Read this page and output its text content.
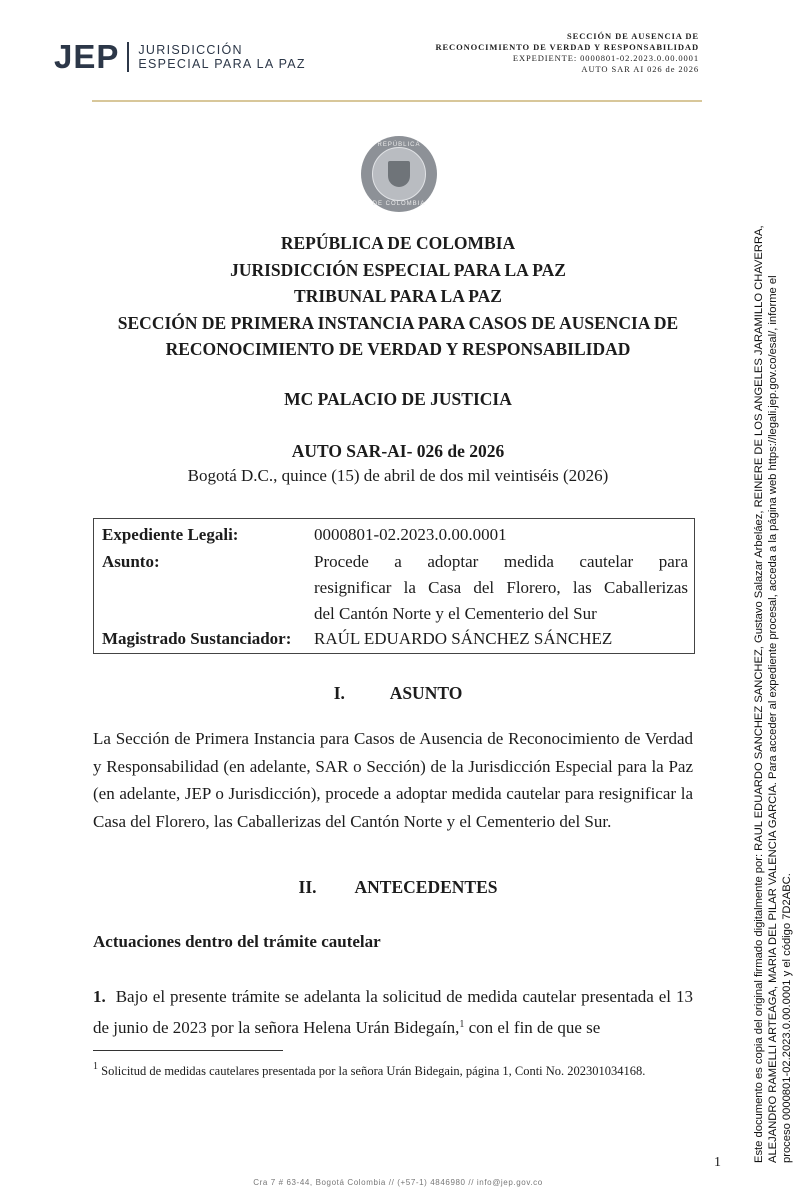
JEP JURISDICCIÓN
ESPECIAL PARA LA PAZ
SECCIÓN DE AUSENCIA DE
RECONOCIMIENTO DE VERDAD Y RESPONSABILIDAD
EXPEDIENTE: 0000801-02.2023.0.00.0001
AUTO SAR AI 026 de 2026
REPÚBLICA
DE COLOMBIA
REPÚBLICA DE COLOMBIA
JURISDICCIÓN ESPECIAL PARA LA PAZ
TRIBUNAL PARA LA PAZ
SECCIÓN DE PRIMERA INSTANCIA PARA CASOS DE AUSENCIA DE
RECONOCIMIENTO DE VERDAD Y RESPONSABILIDAD
MC PALACIO DE JUSTICIA
AUTO SAR-AI- 026 de 2026
Bogotá D.C., quince (15) de abril de dos mil veintiséis (2026)
Expediente Legali:	0000801-02.2023.0.00.0001
Asunto:	Procede a adoptar medida cautelar para
resignificar la Casa del Florero, las Caballerizas
del Cantón Norte y el Cementerio del Sur
Magistrado Sustanciador: RAÚL EDUARDO SÁNCHEZ SÁNCHEZ
I.	ASUNTO
La Sección de Primera Instancia para Casos de Ausencia de Reconocimiento de Verdad y Responsabilidad (en adelante, SAR o Sección) de la Jurisdicción Especial para la Paz (en adelante, JEP o Jurisdicción), procede a adoptar medida cautelar para resignificar la Casa del Florero, las Caballerizas del Cantón Norte y el Cementerio del Sur.
II. ANTECEDENTES
Actuaciones dentro del trámite cautelar
1. Bajo el presente trámite se adelanta la solicitud de medida cautelar presentada el 13 de junio de 2023 por la señora Helena Urán Bidegaín,$^1$ con el fin de que se
$^1$ Solicitud de medidas cautelares presentada por la señora Urán Bidegain, página 1, Conti No. 202301034168.
1
Cra 7 # 63-44, Bogotá Colombia // (+57-1) 4846980 // info@jep.gov.co
Este documento es copia del original firmado digitalmente por: RAUL EDUARDO SANCHEZ SANCHEZ, Gustavo Salazar Arbeláez, REINERE DE LOS ANGELES JARAMILLO CHAVERRA, ALEJANDRO RAMELLI ARTEAGA, MARIA DEL PILAR VALENCIA GARCIA. Para acceder al expediente procesal, acceda a la página web https://legali.jep.gov.co/esal/, informe el proceso 0000801-02.2023.0.00.0001 y el código 7D2ABC.
